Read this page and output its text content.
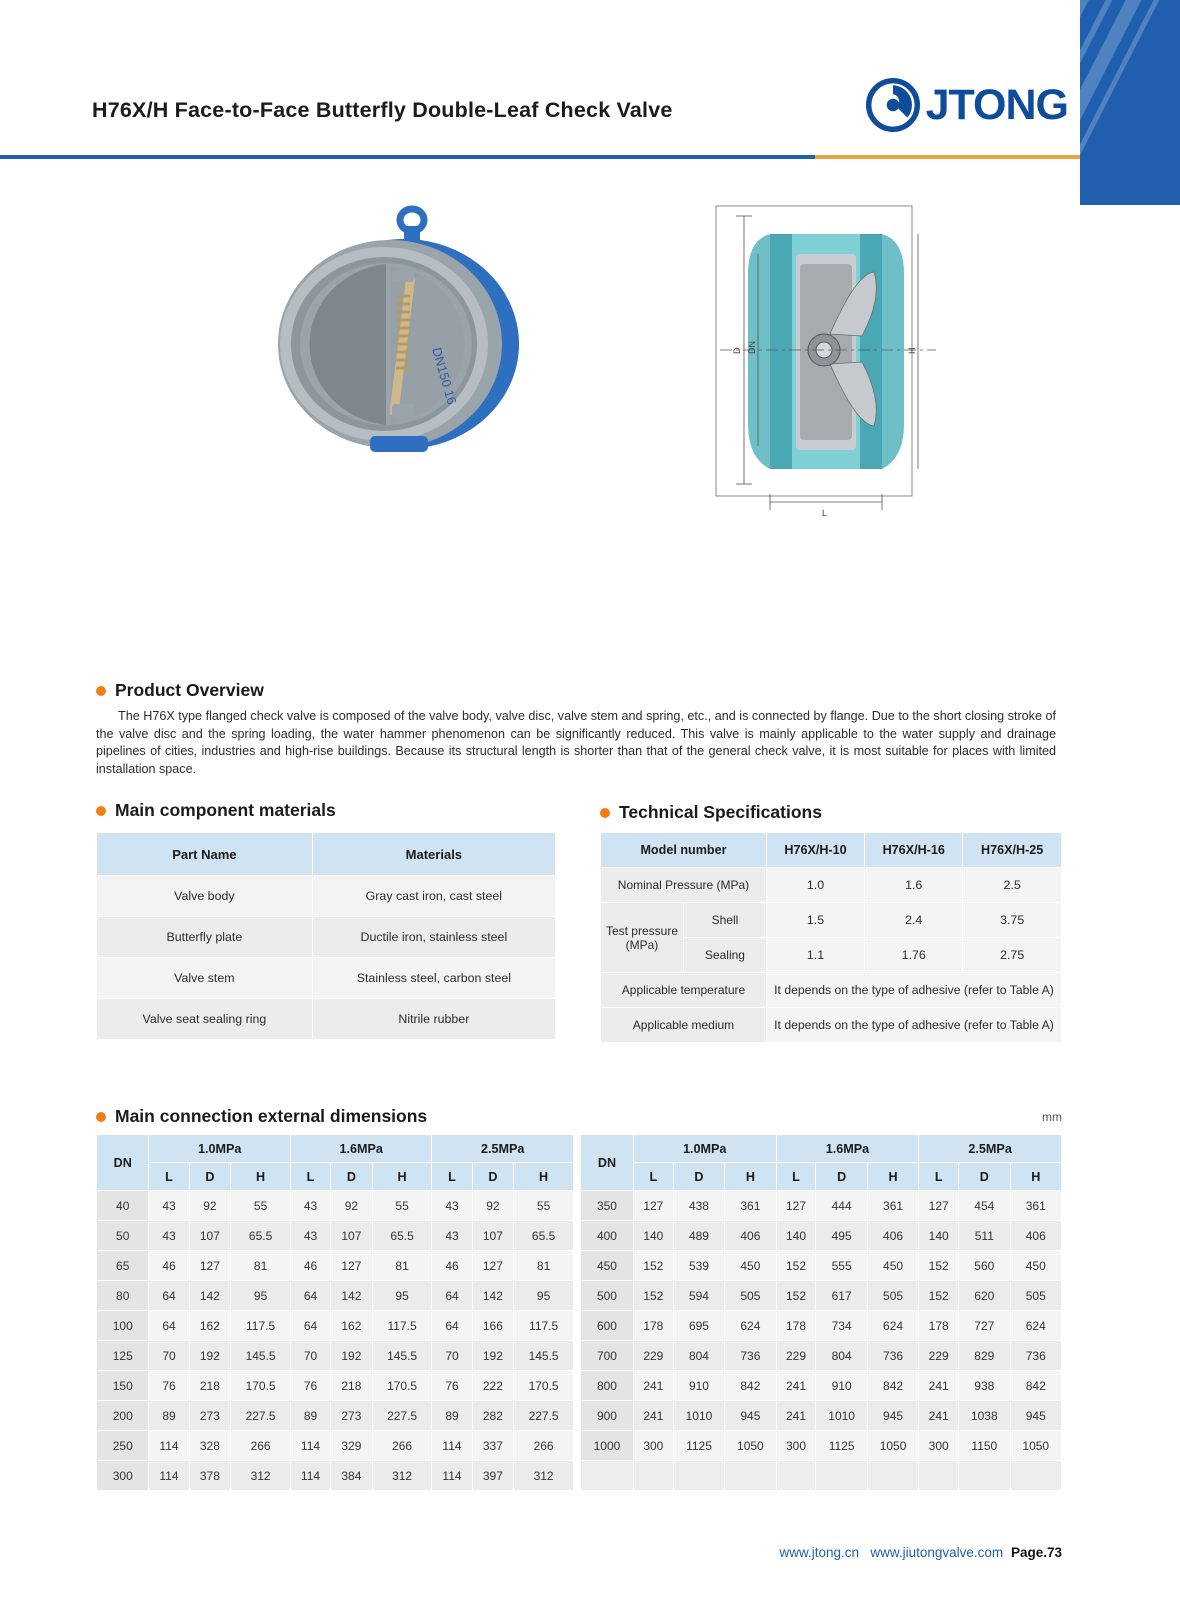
H76X/H Face-to-Face Butterfly Double-Leaf Check Valve	JTONG
DN150 16	D DN	H
L
Product Overview
The H76X type flanged check valve is composed of the valve body, valve disc, valve stem and spring, etc., and is connected by flange. Due to the short closing stroke of the valve disc and the spring loading, the water hammer phenomenon can be significantly reduced. This valve is mainly applicable to the water supply and drainage pipelines of cities, industries and high-rise buildings. Because its structural length is shorter than that of the general check valve, it is most suitable for places with limited installation space.
Main component materials
Part Name	Materials
Valve body	Gray cast iron, cast steel
Butterfly plate	Ductile iron, stainless steel
Valve stem	Stainless steel, carbon steel
Valve seat sealing ring	Nitrile rubber
Technical Specifications
Model number		H76X/H-10	H76X/H-16	H76X/H-25
Nominal Pressure (MPa)		1.0	1.6	2.5
Test pressure (MPa)	Shell	1.5	2.4	3.75
	Sealing	1.1	1.76	2.75
Applicable temperature		It depends on the type of adhesive (refer to Table A)		
Applicable medium		It depends on the type of adhesive (refer to Table A)		
Main connection external dimensions	mm
DN	1.0MPa			1.6MPa			2.5MPa		
	L	D	H	L	D	H	L	D	H
40	43	92	55	43	92	55	43	92	55
50	43	107	65.5	43	107	65.5	43	107	65.5
65	46	127	81	46	127	81	46	127	81
80	64	142	95	64	142	95	64	142	95
100	64	162	117.5	64	162	117.5	64	166	117.5
125	70	192	145.5	70	192	145.5	70	192	145.5
150	76	218	170.5	76	218	170.5	76	222	170.5
200	89	273	227.5	89	273	227.5	89	282	227.5
250	114	328	266	114	329	266	114	337	266
300	114	378	312	114	384	312	114	397	312
DN	1.0MPa			1.6MPa			2.5MPa		
	L	D	H	L	D	H	L	D	H
350	127	438	361	127	444	361	127	454	361
400	140	489	406	140	495	406	140	511	406
450	152	539	450	152	555	450	152	560	450
500	152	594	505	152	617	505	152	620	505
600	178	695	624	178	734	624	178	727	624
700	229	804	736	229	804	736	229	829	736
800	241	910	842	241	910	842	241	938	842
900	241	1010	945	241	1010	945	241	1038	945
1000	300	1125	1050	300	1125	1050	300	1150	1050

www.jtong.cn www.jiutongvalve.com Page.73
